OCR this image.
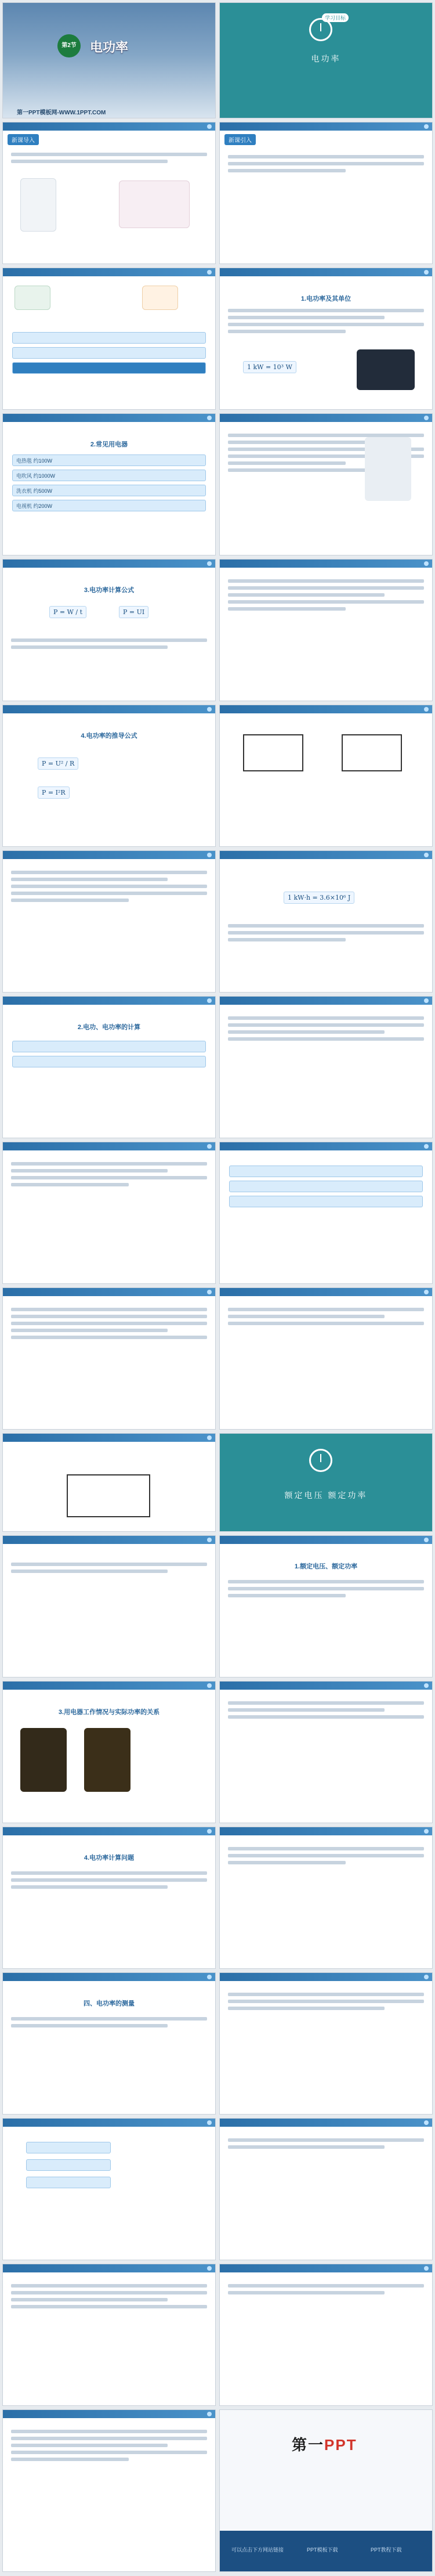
第2节	电功率
第一PPT模板网-WWW.1PPT.COM
学习目标
电功率
新课导入	新课引入
1.电功率及其单位
1 kW = 10³ W
2.常见用电器
电热毯 约100W
电吹风 约1000W
洗衣机 约500W
电视机 约200W
3.电功率计算公式
P = W / t	P = UI
4.电功率的推导公式
P = U² / R
P = I²R
1 kW·h = 3.6×10⁶ J
2.电功、电功率的计算
额定电压 额定功率
1.额定电压、额定功率
3.用电器工作情况与实际功率的关系
4.电功率计算问题
四、电功率的测量
第一PPT
可以点击下方网站链接	PPT模板下载	PPT教程下载
